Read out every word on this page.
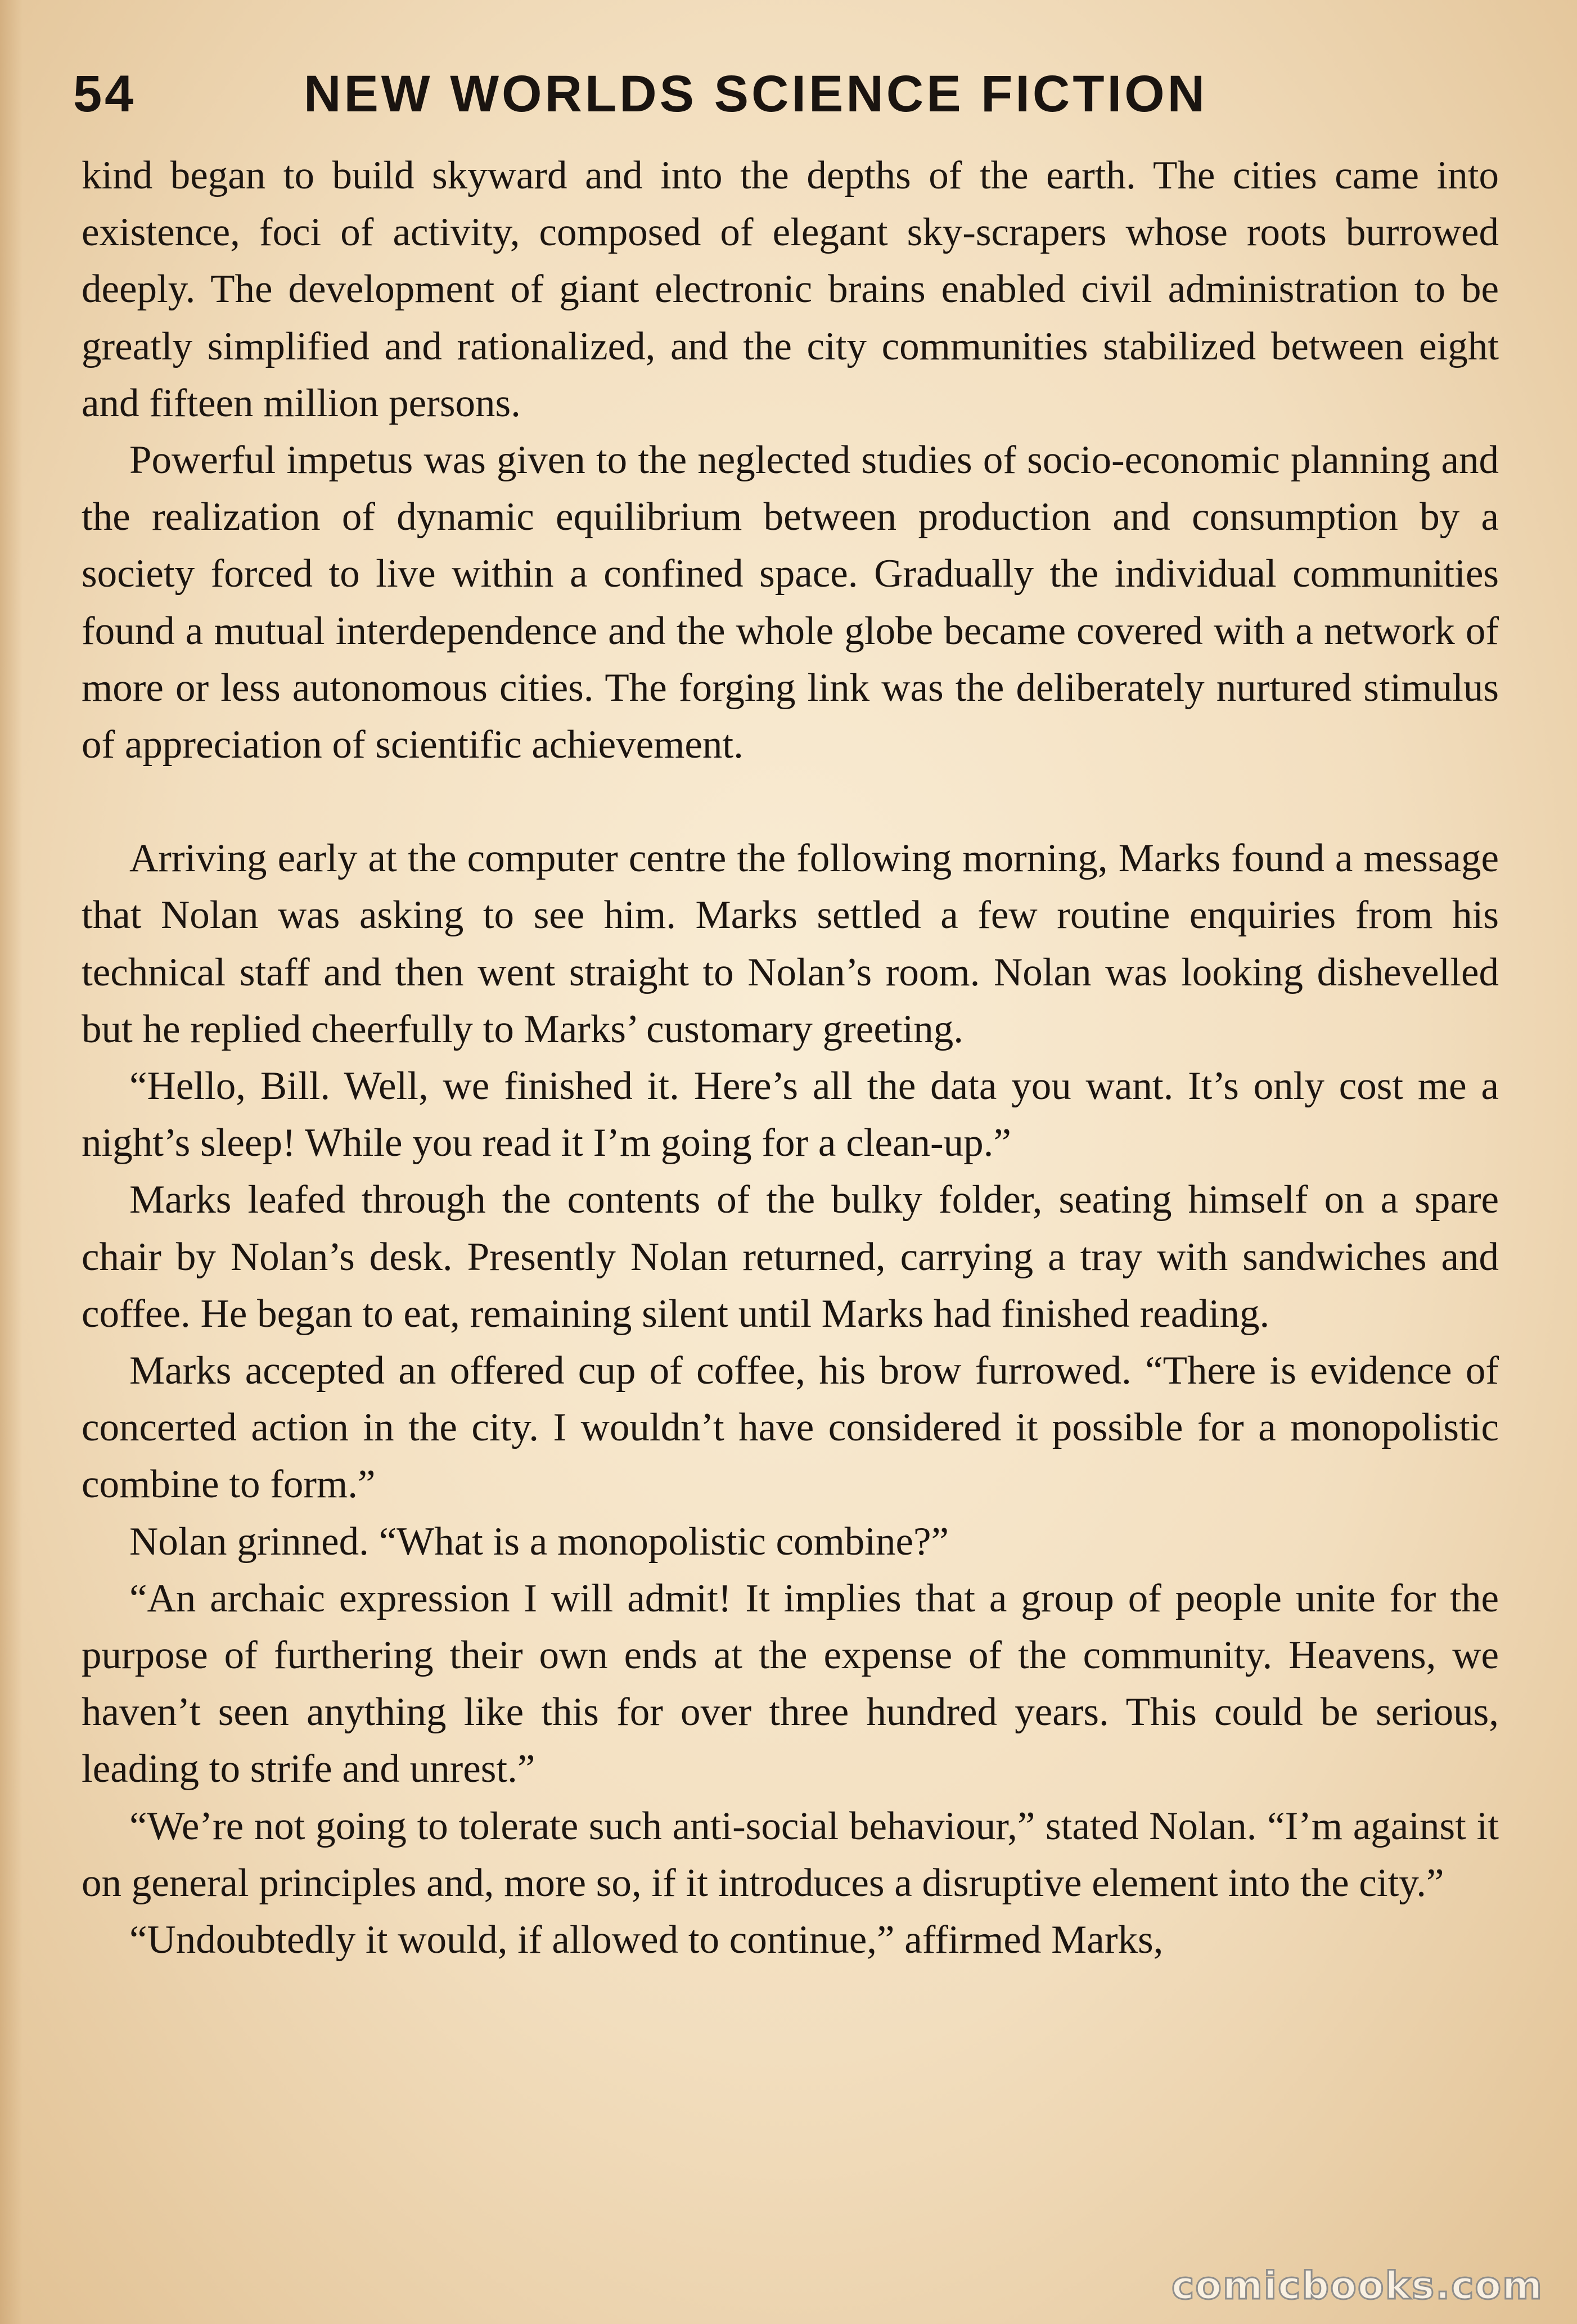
54	NEW WORLDS SCIENCE FICTION

kind began to build skyward and into the depths of the earth. The cities came into existence, foci of activity, composed of elegant sky-scrapers whose roots burrowed deeply. The development of giant electronic brains enabled civil administration to be greatly simplified and rationalized, and the city communities stabilized between eight and fifteen million persons.

Powerful impetus was given to the neglected studies of socio-economic planning and the realization of dynamic equilibrium between production and consumption by a society forced to live within a confined space. Gradually the individual communities found a mutual interdependence and the whole globe became covered with a network of more or less autonomous cities. The forging link was the deliberately nurtured stimulus of appreciation of scientific achievement.

Arriving early at the computer centre the following morning, Marks found a message that Nolan was asking to see him. Marks settled a few routine enquiries from his technical staff and then went straight to Nolan’s room. Nolan was looking dishevelled but he replied cheerfully to Marks’ customary greeting.

“Hello, Bill. Well, we finished it. Here’s all the data you want. It’s only cost me a night’s sleep! While you read it I’m going for a clean-up.”

Marks leafed through the contents of the bulky folder, seating himself on a spare chair by Nolan’s desk. Presently Nolan returned, carrying a tray with sandwiches and coffee. He began to eat, remaining silent until Marks had finished reading.

Marks accepted an offered cup of coffee, his brow furrowed. “There is evidence of concerted action in the city. I wouldn’t have considered it possible for a monopolistic combine to form.”

Nolan grinned. “What is a monopolistic combine?”

“An archaic expression I will admit! It implies that a group of people unite for the purpose of furthering their own ends at the expense of the community. Heavens, we haven’t seen anything like this for over three hundred years. This could be serious, leading to strife and unrest.”

“We’re not going to tolerate such anti-social behaviour,” stated Nolan. “I’m against it on general principles and, more so, if it introduces a disruptive element into the city.”

“Undoubtedly it would, if allowed to continue,” affirmed Marks,

comicbooks.com
